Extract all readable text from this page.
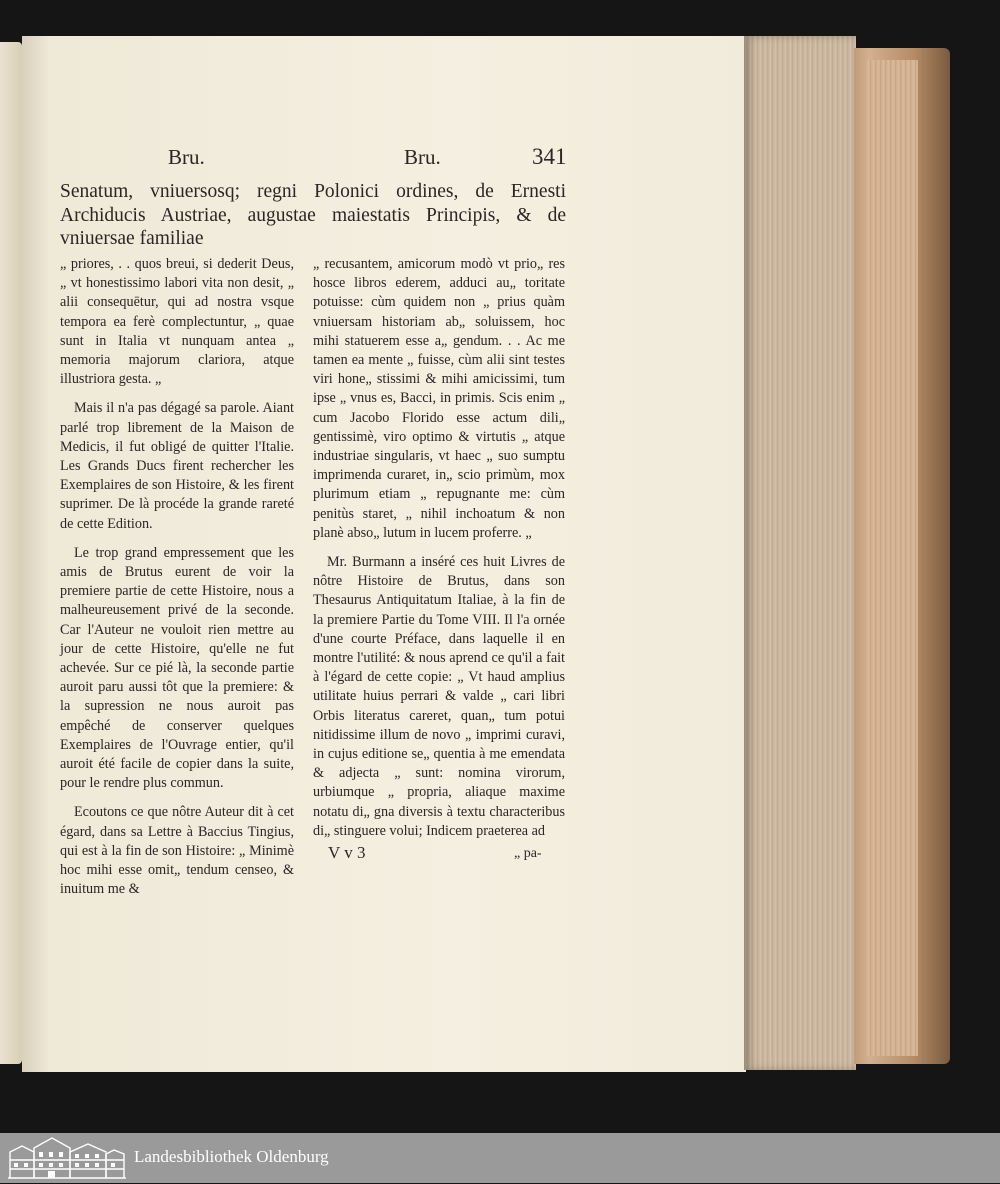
Bru.	Bru.	341
Senatum, vniuersosq; regni Polonici ordines, de Ernesti Archiducis Austriae, augustae maiestatis Principis, & de vniuersae familiae

„ priores, . . quos breui, si dederit Deus, „ vt honestissimo labori vita non desit, „ alii consequētur, qui ad nostra vsque tempora ea ferè complectuntur, „ quae sunt in Italia vt nunquam antea „ memoria majorum clariora, atque illustriora gesta. „

Mais il n'a pas dégagé sa parole. Aiant parlé trop librement de la Maison de Medicis, il fut obligé de quitter l'Italie. Les Grands Ducs firent rechercher les Exemplaires de son Histoire, & les firent suprimer. De là procéde la grande rareté de cette Edition.

Le trop grand empressement que les amis de Brutus eurent de voir la premiere partie de cette Histoire, nous a malheureusement privé de la seconde. Car l'Auteur ne vouloit rien mettre au jour de cette Histoire, qu'elle ne fut achevée. Sur ce pié là, la seconde partie auroit paru aussi tôt que la premiere: & la supression ne nous auroit pas empêché de conserver quelques Exemplaires de l'Ouvrage entier, qu'il auroit été facile de copier dans la suite, pour le rendre plus commun.

Ecoutons ce que nôtre Auteur dit à cet égard, dans sa Lettre à Baccius Tingius, qui est à la fin de son Histoire: „ Minimè hoc mihi esse omit„ tendum censeo, & inuitum me &

„ recusantem, amicorum modò vt prio„ res hosce libros ederem, adduci au„ toritate potuisse: cùm quidem non „ prius quàm vniuersam historiam ab„ soluissem, hoc mihi statuerem esse a„ gendum. . . Ac me tamen ea mente „ fuisse, cùm alii sint testes viri hone„ stissimi & mihi amicissimi, tum ipse „ vnus es, Bacci, in primis. Scis enim „ cum Jacobo Florido esse actum dili„ gentissimè, viro optimo & virtutis „ atque industriae singularis, vt haec „ suo sumptu imprimenda curaret, in„ scio primùm, mox plurimum etiam „ repugnante me: cùm penitùs staret, „ nihil inchoatum & non planè abso„ lutum in lucem proferre. „

Mr. Burmann a inséré ces huit Livres de nôtre Histoire de Brutus, dans son Thesaurus Antiquitatum Italiae, à la fin de la premiere Partie du Tome VIII. Il l'a ornée d'une courte Préface, dans laquelle il en montre l'utilité: & nous aprend ce qu'il a fait à l'égard de cette copie: „ Vt haud amplius utilitate huius perrari & valde „ cari libri Orbis literatus careret, quan„ tum potui nitidissime illum de novo „ imprimi curavi, in cujus editione se„ quentia à me emendata & adjecta „ sunt: nomina virorum, urbiumque „ propria, aliaque maxime notatu di„ gna diversis à textu characteribus di„ stinguere volui; Indicem praeterea ad

V v 3	„ pa-
Landesbibliothek Oldenburg
